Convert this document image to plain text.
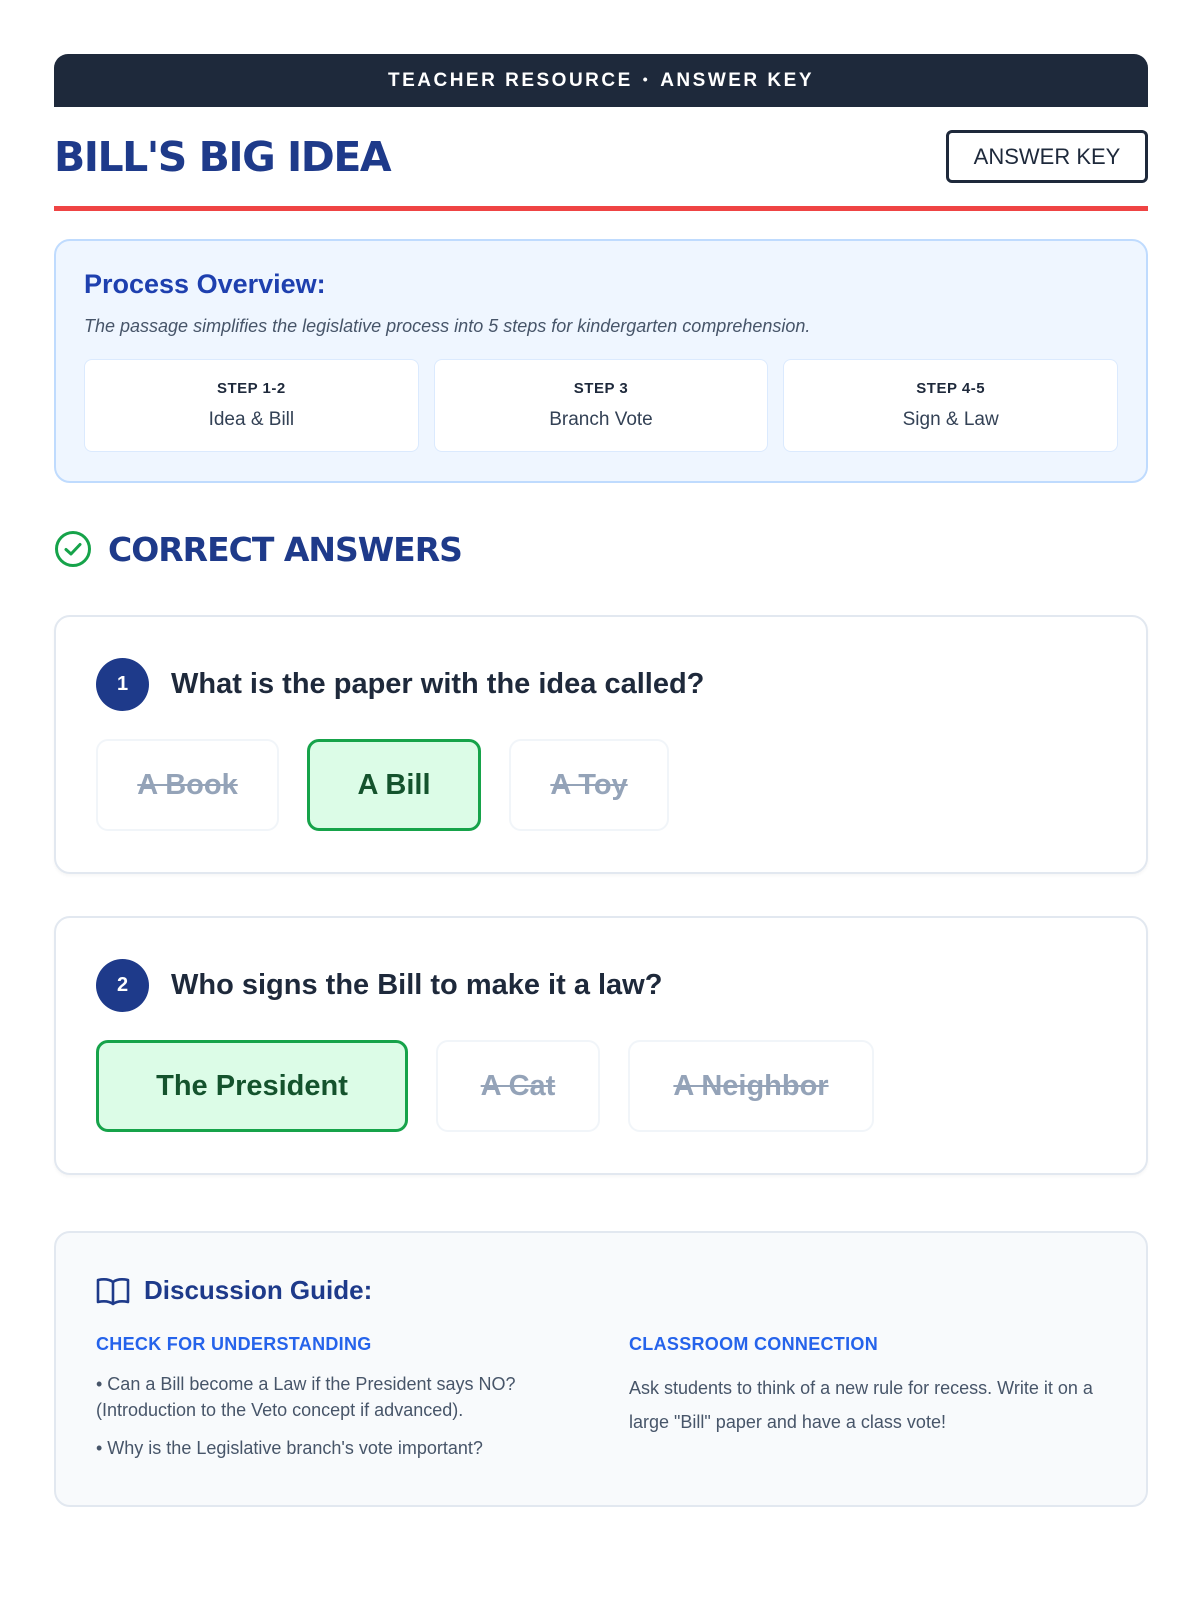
TEACHER RESOURCE • ANSWER KEY
BILL'S BIG IDEA	ANSWER KEY
Process Overview:
The passage simplifies the legislative process into 5 steps for kindergarten comprehension.
STEP 1-2
Idea & Bill
STEP 3
Branch Vote
STEP 4-5
Sign & Law
CORRECT ANSWERS
1	What is the paper with the idea called?
A Book	A Bill	A Toy
2	Who signs the Bill to make it a law?
The President	A Cat	A Neighbor
Discussion Guide:
CHECK FOR UNDERSTANDING
• Can a Bill become a Law if the President says NO? (Introduction to the Veto concept if advanced).
• Why is the Legislative branch's vote important?
CLASSROOM CONNECTION

Ask students to think of a new rule for recess. Write it on a large "Bill" paper and have a class vote!
